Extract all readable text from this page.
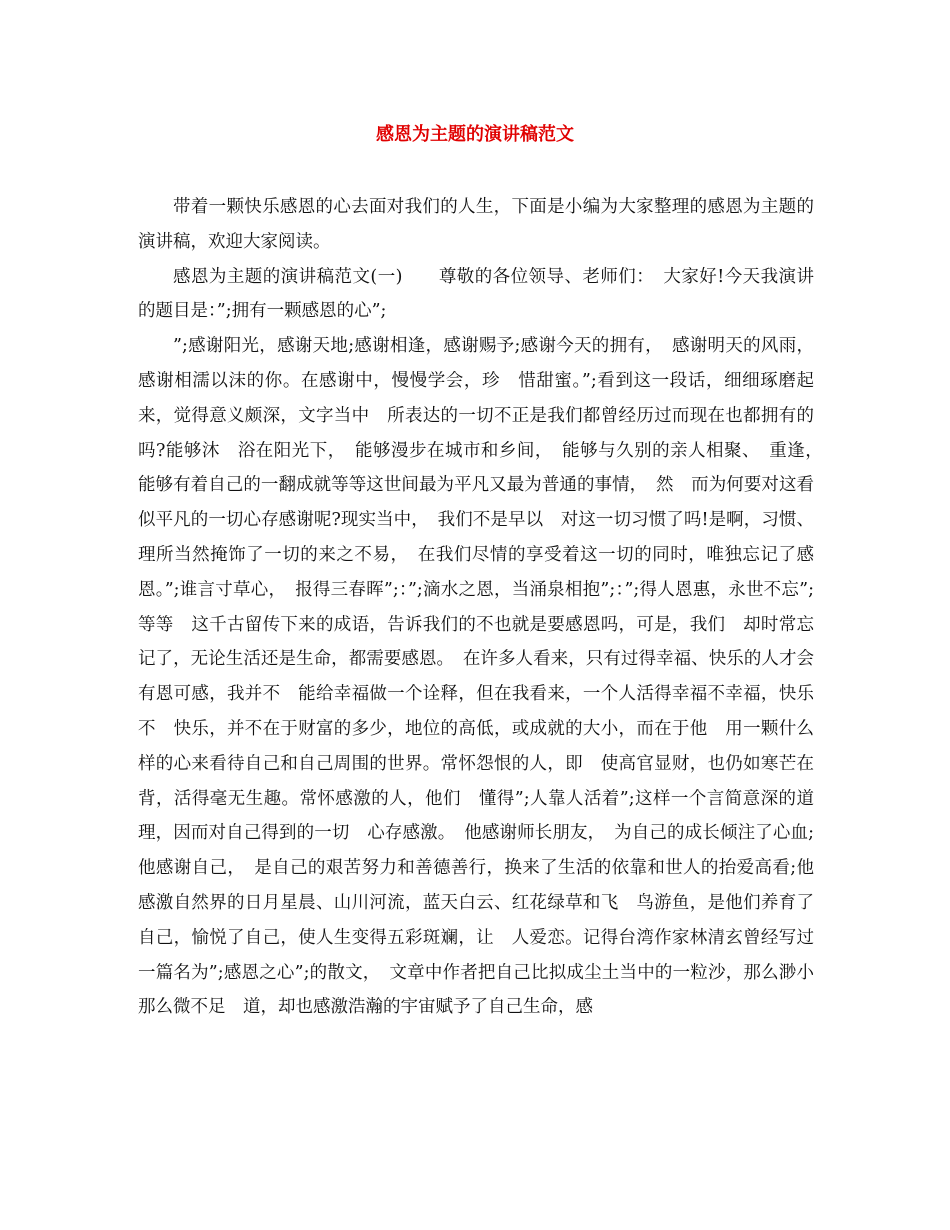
感恩为主题的演讲稿范文

带着一颗快乐感恩的心去面对我们的人生，下面是小编为大家整理的感恩为主题的演讲稿，欢迎大家阅读。

感恩为主题的演讲稿范文(一)　　尊敬的各位领导、老师们：　大家好!今天我演讲的题目是：”;拥有一颗感恩的心”;

”;感谢阳光，感谢天地;感谢相逢，感谢赐予;感谢今天的拥有，　感谢明天的风雨，感谢相濡以沫的你。在感谢中，慢慢学会，珍　惜甜蜜。”;看到这一段话，细细琢磨起来，觉得意义颇深，文字当中　所表达的一切不正是我们都曾经历过而现在也都拥有的吗?能够沐　浴在阳光下，　能够漫步在城市和乡间，　能够与久别的亲人相聚、　重逢，　能够有着自己的一翻成就等等这世间最为平凡又最为普通的事情，　然　而为何要对这看似平凡的一切心存感谢呢?现实当中，　我们不是早以　对这一切习惯了吗!是啊，习惯、理所当然掩饰了一切的来之不易，　在我们尽情的享受着这一切的同时，唯独忘记了感恩。”;谁言寸草心，　报得三春晖”;：”;滴水之恩，当涌泉相抱”;：”;得人恩惠，永世不忘”;等等　这千古留传下来的成语，告诉我们的不也就是要感恩吗，可是，我们　却时常忘记了，无论生活还是生命，都需要感恩。　在许多人看来，只有过得幸福、快乐的人才会有恩可感，我并不　能给幸福做一个诠释，但在我看来，一个人活得幸福不幸福，快乐不　快乐，并不在于财富的多少，地位的高低，或成就的大小，而在于他　用一颗什么样的心来看待自己和自己周围的世界。常怀怨恨的人，即　使高官显财，也仍如寒芒在背，活得毫无生趣。常怀感激的人，他们　懂得”;人靠人活着”;这样一个言简意深的道理，因而对自己得到的一切　心存感激。　他感谢师长朋友，　为自己的成长倾注了心血;他感谢自己，　是自己的艰苦努力和善德善行，换来了生活的依靠和世人的抬爱高看;他感激自然界的日月星晨、山川河流，蓝天白云、红花绿草和飞　鸟游鱼，是他们养育了自己，愉悦了自己，使人生变得五彩斑斓，让　人爱恋。记得台湾作家林清玄曾经写过一篇名为”;感恩之心”;的散文，　文章中作者把自己比拟成尘土当中的一粒沙，那么渺小那么微不足　道，却也感激浩瀚的宇宙赋予了自己生命，感
